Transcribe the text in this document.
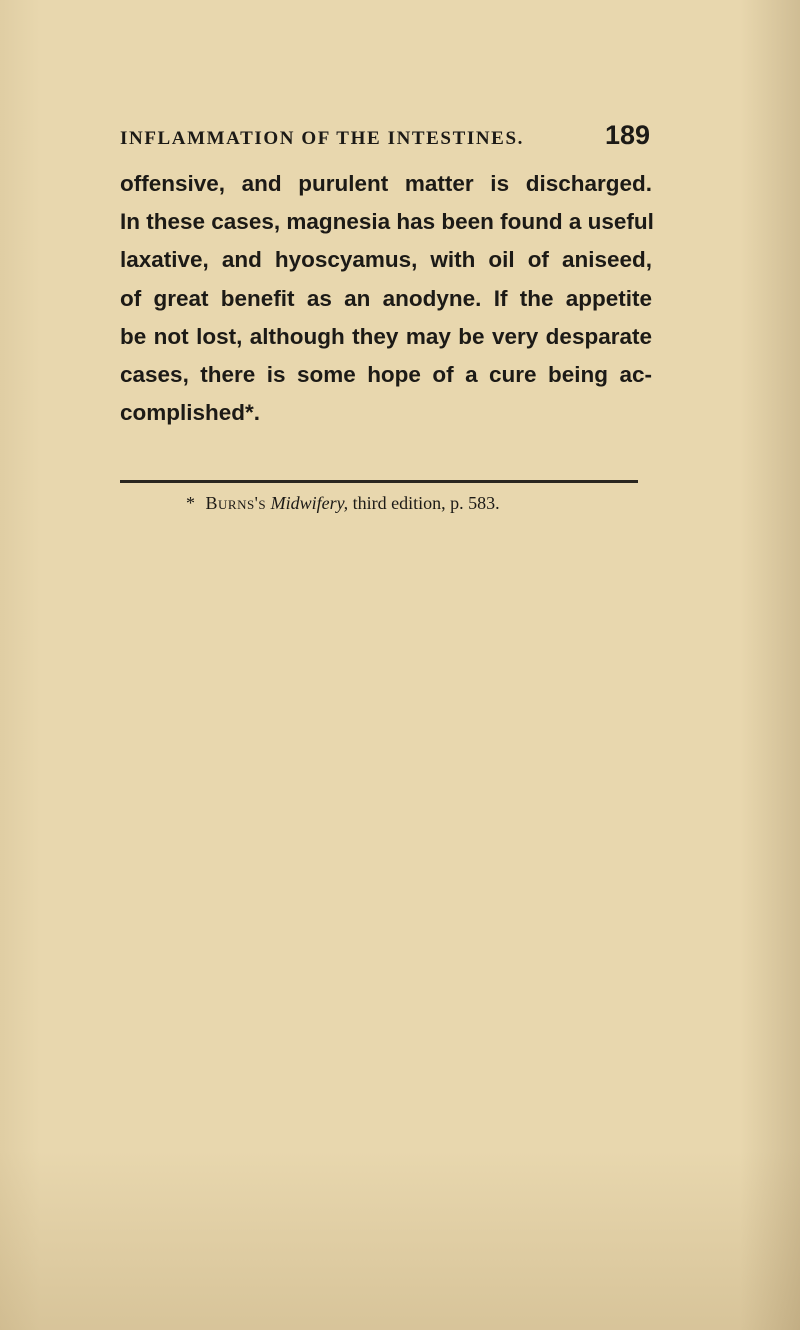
INFLAMMATION OF THE INTESTINES.	189
offensive, and purulent matter is discharged.
In these cases, magnesia has been found a useful
laxative, and hyoscyamus, with oil of aniseed,
of great benefit as an anodyne. If the appetite
be not lost, although they may be very desparate
cases, there is some hope of a cure being ac-
complished*.
* Burns's Midwifery, third edition, p. 583.
